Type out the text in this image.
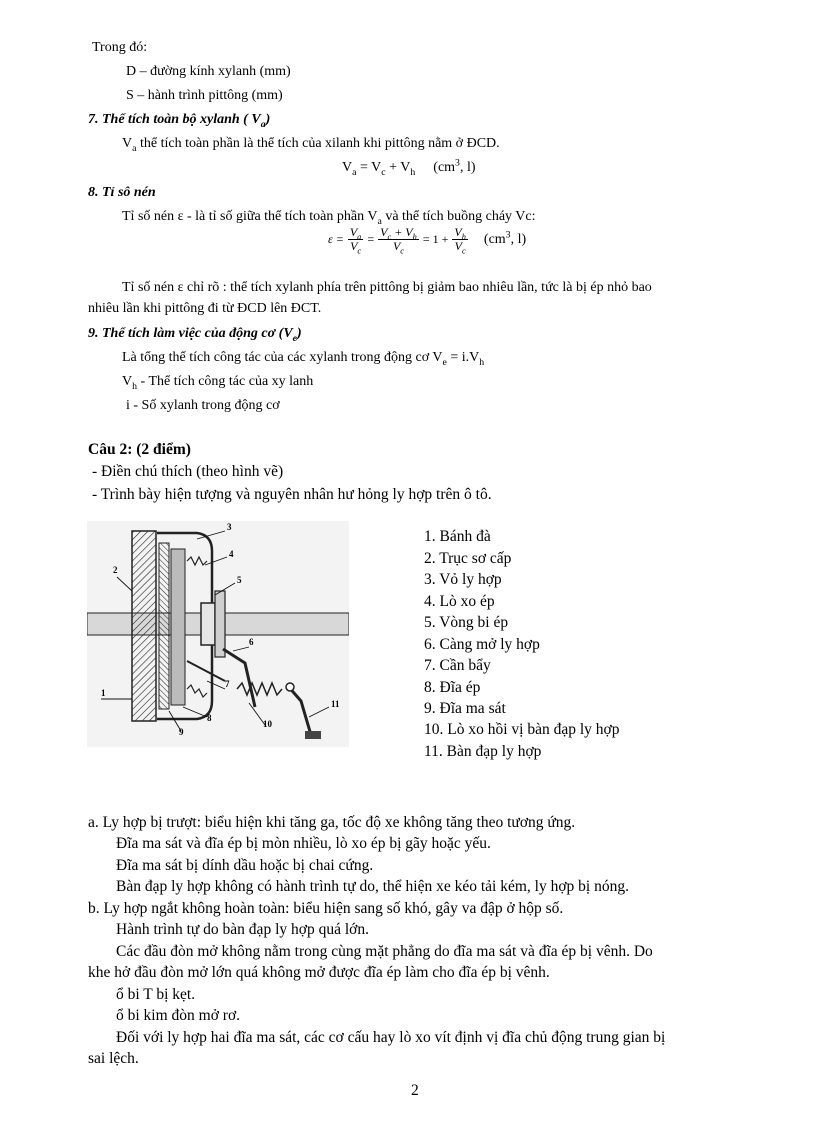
Trong đó:
D – đường kính xylanh (mm)
S – hành trình pittông (mm)
7. Thể tích toàn bộ xylanh ( $V_a$)
$V_a$ thể tích toàn phần là thể tích của xilanh khi pittông nằm ở ĐCD.
$V_a = V_c + V_h$ ($cm^3$, l)
8. Tỉ sô nén
Tỉ số nén ε - là tỉ số giữa thể tích toàn phần $V_a$ và thể tích buồng cháy Vc:
$\varepsilon = \frac{V_a}{V_c} = \frac{V_c + V_h}{V_c} = 1 + \frac{V_h}{V_c} (cm^3$, l)
Tỉ số nén ε chỉ rõ : thể tích xylanh phía trên pittông bị giảm bao nhiêu lần, tức là bị ép nhỏ bao
nhiêu lần khi pittông đi từ ĐCD lên ĐCT.
9. Thể tích làm việc của động cơ $(V_e)$
Là tổng thể tích công tác của các xylanh trong động cơ $V_e = i.V_h$
$V_h$ - Thể tích công tác của xy lanh
i - Số xylanh trong động cơ
Câu 2: (2 điểm)
- Điền chú thích (theo hình vẽ)
- Trình bày hiện tượng và nguyên nhân hư hỏng ly hợp trên ô tô.
2
3
4
5
6
7
1
8
9
10
11
1. Bánh đà
2. Trục sơ cấp
3. Vỏ ly hợp
4. Lò xo ép
5. Vòng bi ép
6. Càng mở ly hợp
7. Cần bẩy
8. Đĩa ép
9. Đĩa ma sát
10. Lò xo hồi vị bàn đạp ly hợp
11. Bàn đạp ly hợp
a. Ly hợp bị trượt: biểu hiện khi tăng ga, tốc độ xe không tăng theo tương ứng.
Đĩa ma sát và đĩa ép bị mòn nhiều, lò xo ép bị gãy hoặc yếu.
Đĩa ma sát bị dính dầu hoặc bị chai cứng.
Bàn đạp ly hợp không có hành trình tự do, thể hiện xe kéo tải kém, ly hợp bị nóng.
b. Ly hợp ngắt không hoàn toàn: biểu hiện sang số khó, gây va đập ở hộp số.
Hành trình tự do bàn đạp ly hợp quá lớn.
Các đầu đòn mở không nằm trong cùng mặt phẳng do đĩa ma sát và đĩa ép bị vênh. Do
khe hở đầu đòn mở lớn quá không mở được đĩa ép làm cho đĩa ép bị vênh.
ổ bi T bị kẹt.
ổ bi kim đòn mở rơ.
Đối với ly hợp hai đĩa ma sát, các cơ cấu hay lò xo vít định vị đĩa chủ động trung gian bị
sai lệch.
2
